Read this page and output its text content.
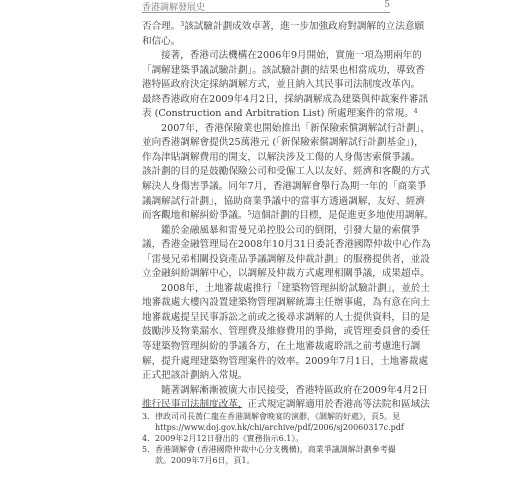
香港調解發展史	5
否合理。$^3$該試驗計劃成效卓著，進一步加強政府對調解的立法意願
和信心。
接著，香港司法機構在2006年9月開始，實施一項為期兩年的
「調解建築爭議試驗計劃」。該試驗計劃的結果也相當成功，導致香
港特區政府決定採納調解方式，並且納入其民事司法制度改革內。
最終香港政府在2009年4月2日，採納調解成為建築與仲裁案件審訊
表 (Construction and Arbitration List) 所處理案件的常規。$^4$
2007年，香港保險業也開始推出「新保險索償調解試行計劃」，
並向香港調解會提供25萬港元 (「新保險索償調解試行計劃基金」)，
作為津貼調解費用的開支，以解決涉及工傷的人身傷害索償爭議。
該計劃的目的是鼓勵保險公司和受僱工人以友好、經濟和客觀的方式
解決人身傷害爭議。同年7月，香港調解會舉行為期一年的「商業爭
議調解試行計劃」，協助商業爭議中的當事方透過調解，友好、經濟
而客觀地和解糾紛爭議。$^5$這個計劃的目標，是促進更多地使用調解。
鑑於金融風暴和雷曼兄弟控股公司的倒閉，引發大量的索償爭
議，香港金融管理局在2008年10月31日委託香港國際仲裁中心作為
「雷曼兄弟相關投資產品爭議調解及仲裁計劃」的服務提供者，並設
立金融糾紛調解中心，以調解及仲裁方式處理相關爭議，成果超卓。
2008年，土地審裁處推行「建築物管理糾紛試驗計劃」，並於土
地審裁處大樓內設置建築物管理調解統籌主任辦事處，為有意在向土
地審裁處提呈民事訴訟之前或之後尋求調解的人士提供資料，目的是
鼓勵涉及物業漏水、管理費及維修費用的爭拗，或管理委員會的委任
等建築物管理糾紛的爭議各方，在土地審裁處聆訊之前考慮進行調
解，提升處理建築物管理案件的效率。2009年7月1日，土地審裁處
正式把該計劃納入常規。
隨著調解漸漸被廣大市民接受，香港特區政府在2009年4月2日
推行民事司法制度改革，正式規定調解適用於香港高等法院和區域法
3. 律政司司長黃仁龍在香港調解會晚宴的演辭，《調解的好處》，頁5。見
https://www.doj.gov.hk/chi/archive/pdf/2006/sj20060317c.pdf
4. 2009年2月12日發出的《實務指示6.1》。
5. 香港調解會 (香港國際仲裁中心分支機構)，商業爭議調解計劃參考撮
款。2009年7月6日，頁1。
